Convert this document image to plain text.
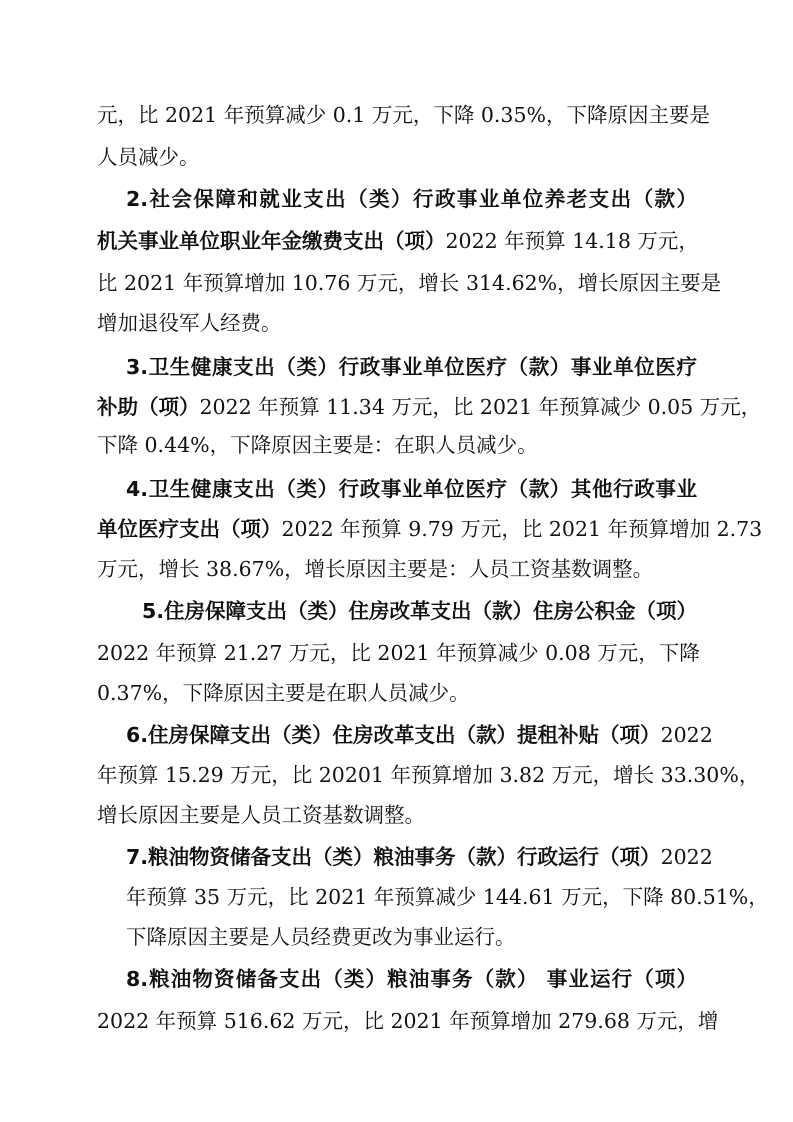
元，比 2021 年预算减少 0.1 万元，下降 0.35%，下降原因主要是

人员减少。

2.社会保障和就业支出（类）行政事业单位养老支出（款）

机关事业单位职业年金缴费支出（项）2022 年预算 14.18 万元，

比 2021 年预算增加 10.76 万元，增长 314.62%，增长原因主要是

增加退役军人经费。

3.卫生健康支出（类）行政事业单位医疗（款）事业单位医疗

补助（项）2022 年预算 11.34 万元，比 2021 年预算减少 0.05 万元，

下降 0.44%，下降原因主要是：在职人员减少。

4.卫生健康支出（类）行政事业单位医疗（款）其他行政事业

单位医疗支出（项）2022 年预算 9.79 万元，比 2021 年预算增加 2.73

万元，增长 38.67%，增长原因主要是：人员工资基数调整。

5.住房保障支出（类）住房改革支出（款）住房公积金（项）

2022 年预算 21.27 万元，比 2021 年预算减少 0.08 万元，下降

0.37%，下降原因主要是在职人员减少。

6.住房保障支出（类）住房改革支出（款）提租补贴（项）2022

年预算 15.29 万元，比 20201 年预算增加 3.82 万元，增长 33.30%，

增长原因主要是人员工资基数调整。

7.粮油物资储备支出（类）粮油事务（款）行政运行（项）2022

年预算 35 万元，比 2021 年预算减少 144.61 万元，下降 80.51%，

下降原因主要是人员经费更改为事业运行。

8.粮油物资储备支出（类）粮油事务（款） 事业运行（项）

2022 年预算 516.62 万元，比 2021 年预算增加 279.68 万元，增
